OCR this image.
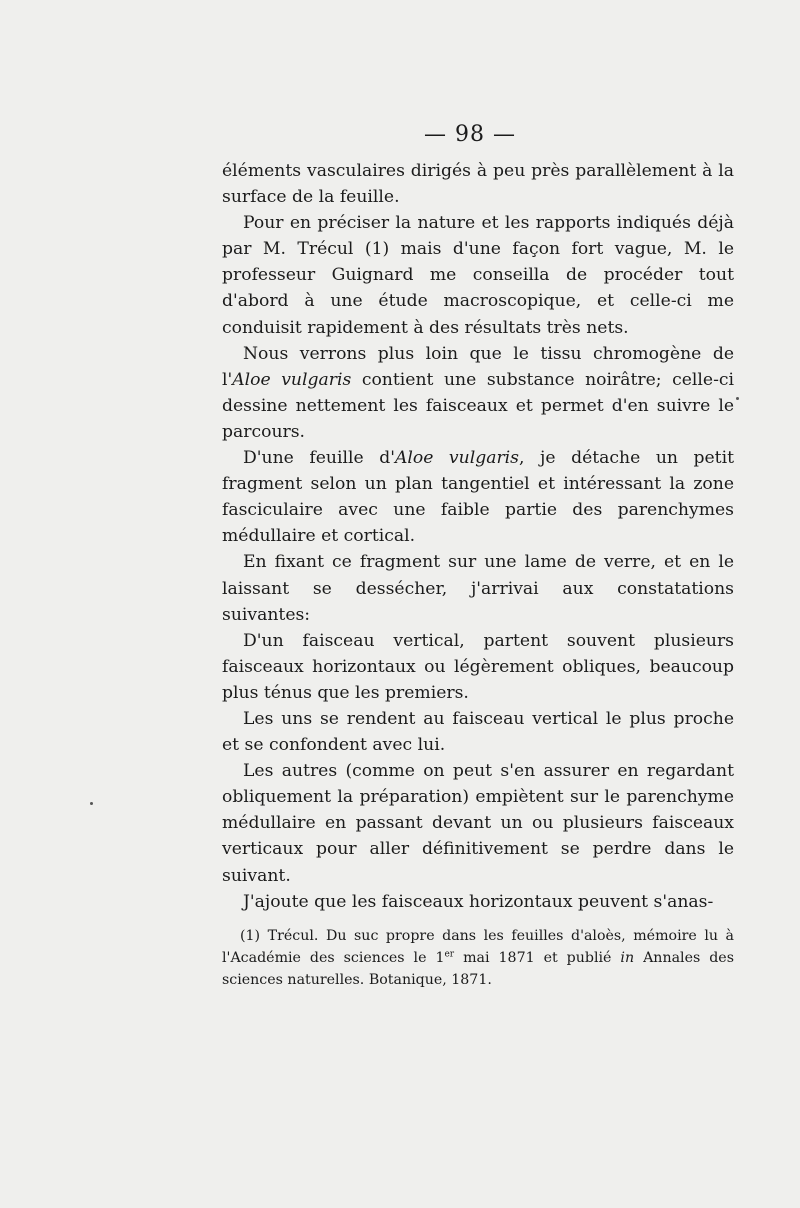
— 98 —

éléments vasculaires dirigés à peu près parallèlement à la surface de la feuille.

Pour en préciser la nature et les rapports indiqués déjà par M. Trécul (1) mais d'une façon fort vague, M. le professeur Guignard me conseilla de procéder tout d'abord à une étude macroscopique, et celle-ci me conduisit rapidement à des résultats très nets.

Nous verrons plus loin que le tissu chromogène de l'Aloe vulgaris contient une substance noirâtre; celle-ci dessine nettement les faisceaux et permet d'en suivre le parcours.

D'une feuille d'Aloe vulgaris, je détache un petit fragment selon un plan tangentiel et intéressant la zone fasciculaire avec une faible partie des parenchymes médullaire et cortical.

En fixant ce fragment sur une lame de verre, et en le laissant se dessécher, j'arrivai aux constatations suivantes:

D'un faisceau vertical, partent souvent plusieurs faisceaux horizontaux ou légèrement obliques, beaucoup plus ténus que les premiers.

Les uns se rendent au faisceau vertical le plus proche et se confondent avec lui.

Les autres (comme on peut s'en assurer en regardant obliquement la préparation) empiètent sur le parenchyme médullaire en passant devant un ou plusieurs faisceaux verticaux pour aller définitivement se perdre dans le suivant.

J'ajoute que les faisceaux horizontaux peuvent s'anas-

(1) Trécul. Du suc propre dans les feuilles d'aloès, mémoire lu à l'Académie des sciences le 1er mai 1871 et publié in Annales des sciences naturelles. Botanique, 1871.
